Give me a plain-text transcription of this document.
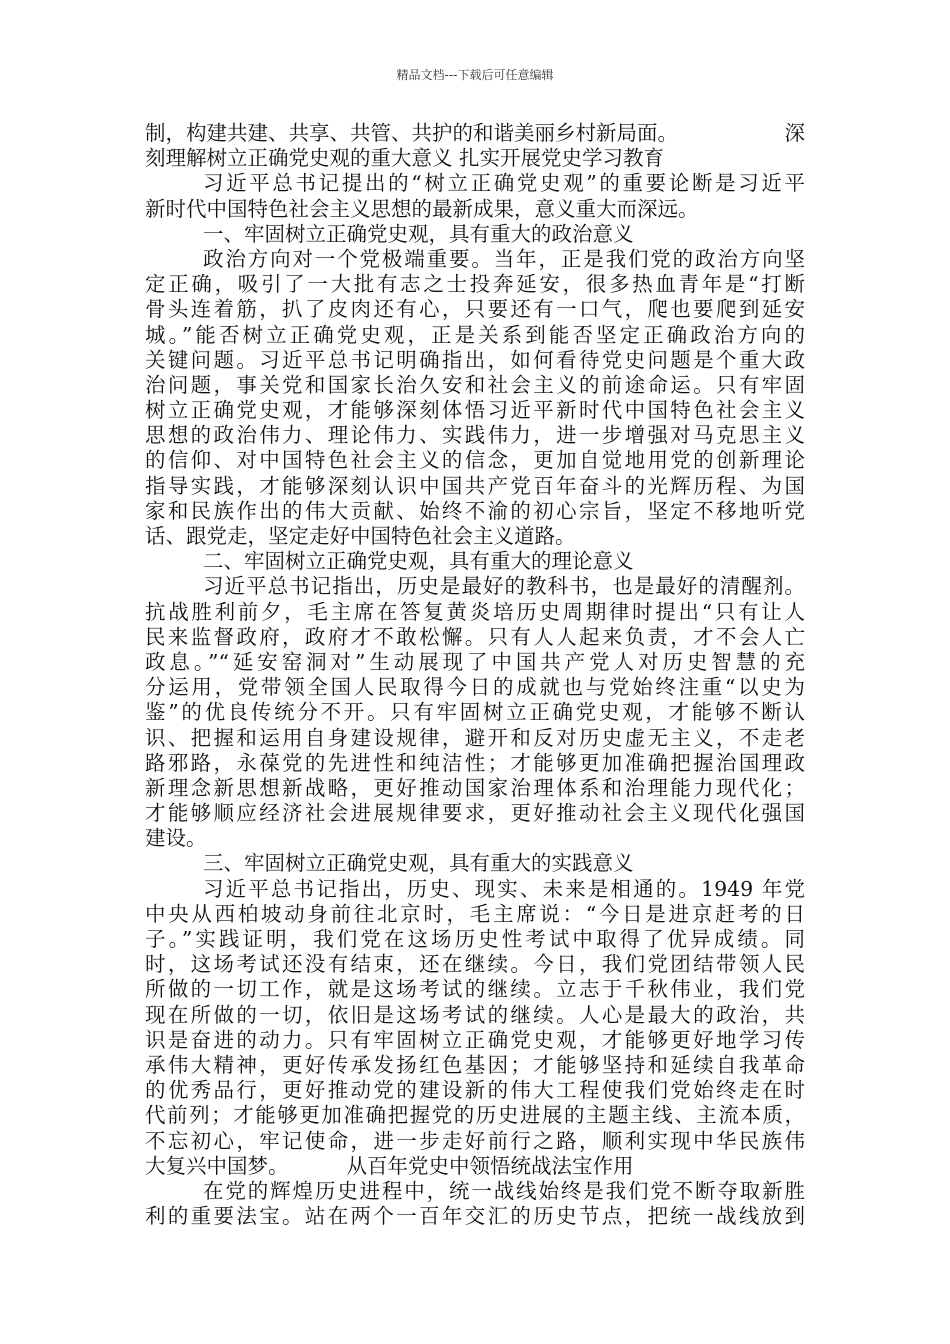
精品文档---下载后可任意编辑
制，构建共建、共享、共管、共护的和谐美丽乡村新局面。	深
刻理解树立正确党史观的重大意义 扎实开展党史学习教育
习近平总书记提出的“树立正确党史观”的重要论断是习近平
新时代中国特色社会主义思想的最新成果，意义重大而深远。
一、牢固树立正确党史观，具有重大的政治意义
政治方向对一个党极端重要。当年，正是我们党的政治方向坚
定正确，吸引了一大批有志之士投奔延安，很多热血青年是“打断
骨头连着筋，扒了皮肉还有心，只要还有一口气，爬也要爬到延安
城。”能否树立正确党史观，正是关系到能否坚定正确政治方向的
关键问题。习近平总书记明确指出，如何看待党史问题是个重大政
治问题，事关党和国家长治久安和社会主义的前途命运。只有牢固
树立正确党史观，才能够深刻体悟习近平新时代中国特色社会主义
思想的政治伟力、理论伟力、实践伟力，进一步增强对马克思主义
的信仰、对中国特色社会主义的信念，更加自觉地用党的创新理论
指导实践，才能够深刻认识中国共产党百年奋斗的光辉历程、为国
家和民族作出的伟大贡献、始终不渝的初心宗旨，坚定不移地听党
话、跟党走，坚定走好中国特色社会主义道路。
二、牢固树立正确党史观，具有重大的理论意义
习近平总书记指出，历史是最好的教科书，也是最好的清醒剂。
抗战胜利前夕，毛主席在答复黄炎培历史周期律时提出“只有让人
民来监督政府，政府才不敢松懈。只有人人起来负责，才不会人亡
政息。”“延安窑洞对”生动展现了中国共产党人对历史智慧的充
分运用，党带领全国人民取得今日的成就也与党始终注重“以史为
鉴”的优良传统分不开。只有牢固树立正确党史观，才能够不断认
识、把握和运用自身建设规律，避开和反对历史虚无主义，不走老
路邪路，永葆党的先进性和纯洁性；才能够更加准确把握治国理政
新理念新思想新战略，更好推动国家治理体系和治理能力现代化；
才能够顺应经济社会进展规律要求，更好推动社会主义现代化强国
建设。
三、牢固树立正确党史观，具有重大的实践意义
习近平总书记指出，历史、现实、未来是相通的。1949 年党
中央从西柏坡动身前往北京时，毛主席说：“今日是进京赶考的日
子。”实践证明，我们党在这场历史性考试中取得了优异成绩。同
时，这场考试还没有结束，还在继续。今日，我们党团结带领人民
所做的一切工作，就是这场考试的继续。立志于千秋伟业，我们党
现在所做的一切，依旧是这场考试的继续。人心是最大的政治，共
识是奋进的动力。只有牢固树立正确党史观，才能够更好地学习传
承伟大精神，更好传承发扬红色基因；才能够坚持和延续自我革命
的优秀品行，更好推动党的建设新的伟大工程使我们党始终走在时
代前列；才能够更加准确把握党的历史进展的主题主线、主流本质，
不忘初心，牢记使命，进一步走好前行之路，顺利实现中华民族伟
大复兴中国梦。	从百年党史中领悟统战法宝作用
在党的辉煌历史进程中，统一战线始终是我们党不断夺取新胜
利的重要法宝。站在两个一百年交汇的历史节点，把统一战线放到
